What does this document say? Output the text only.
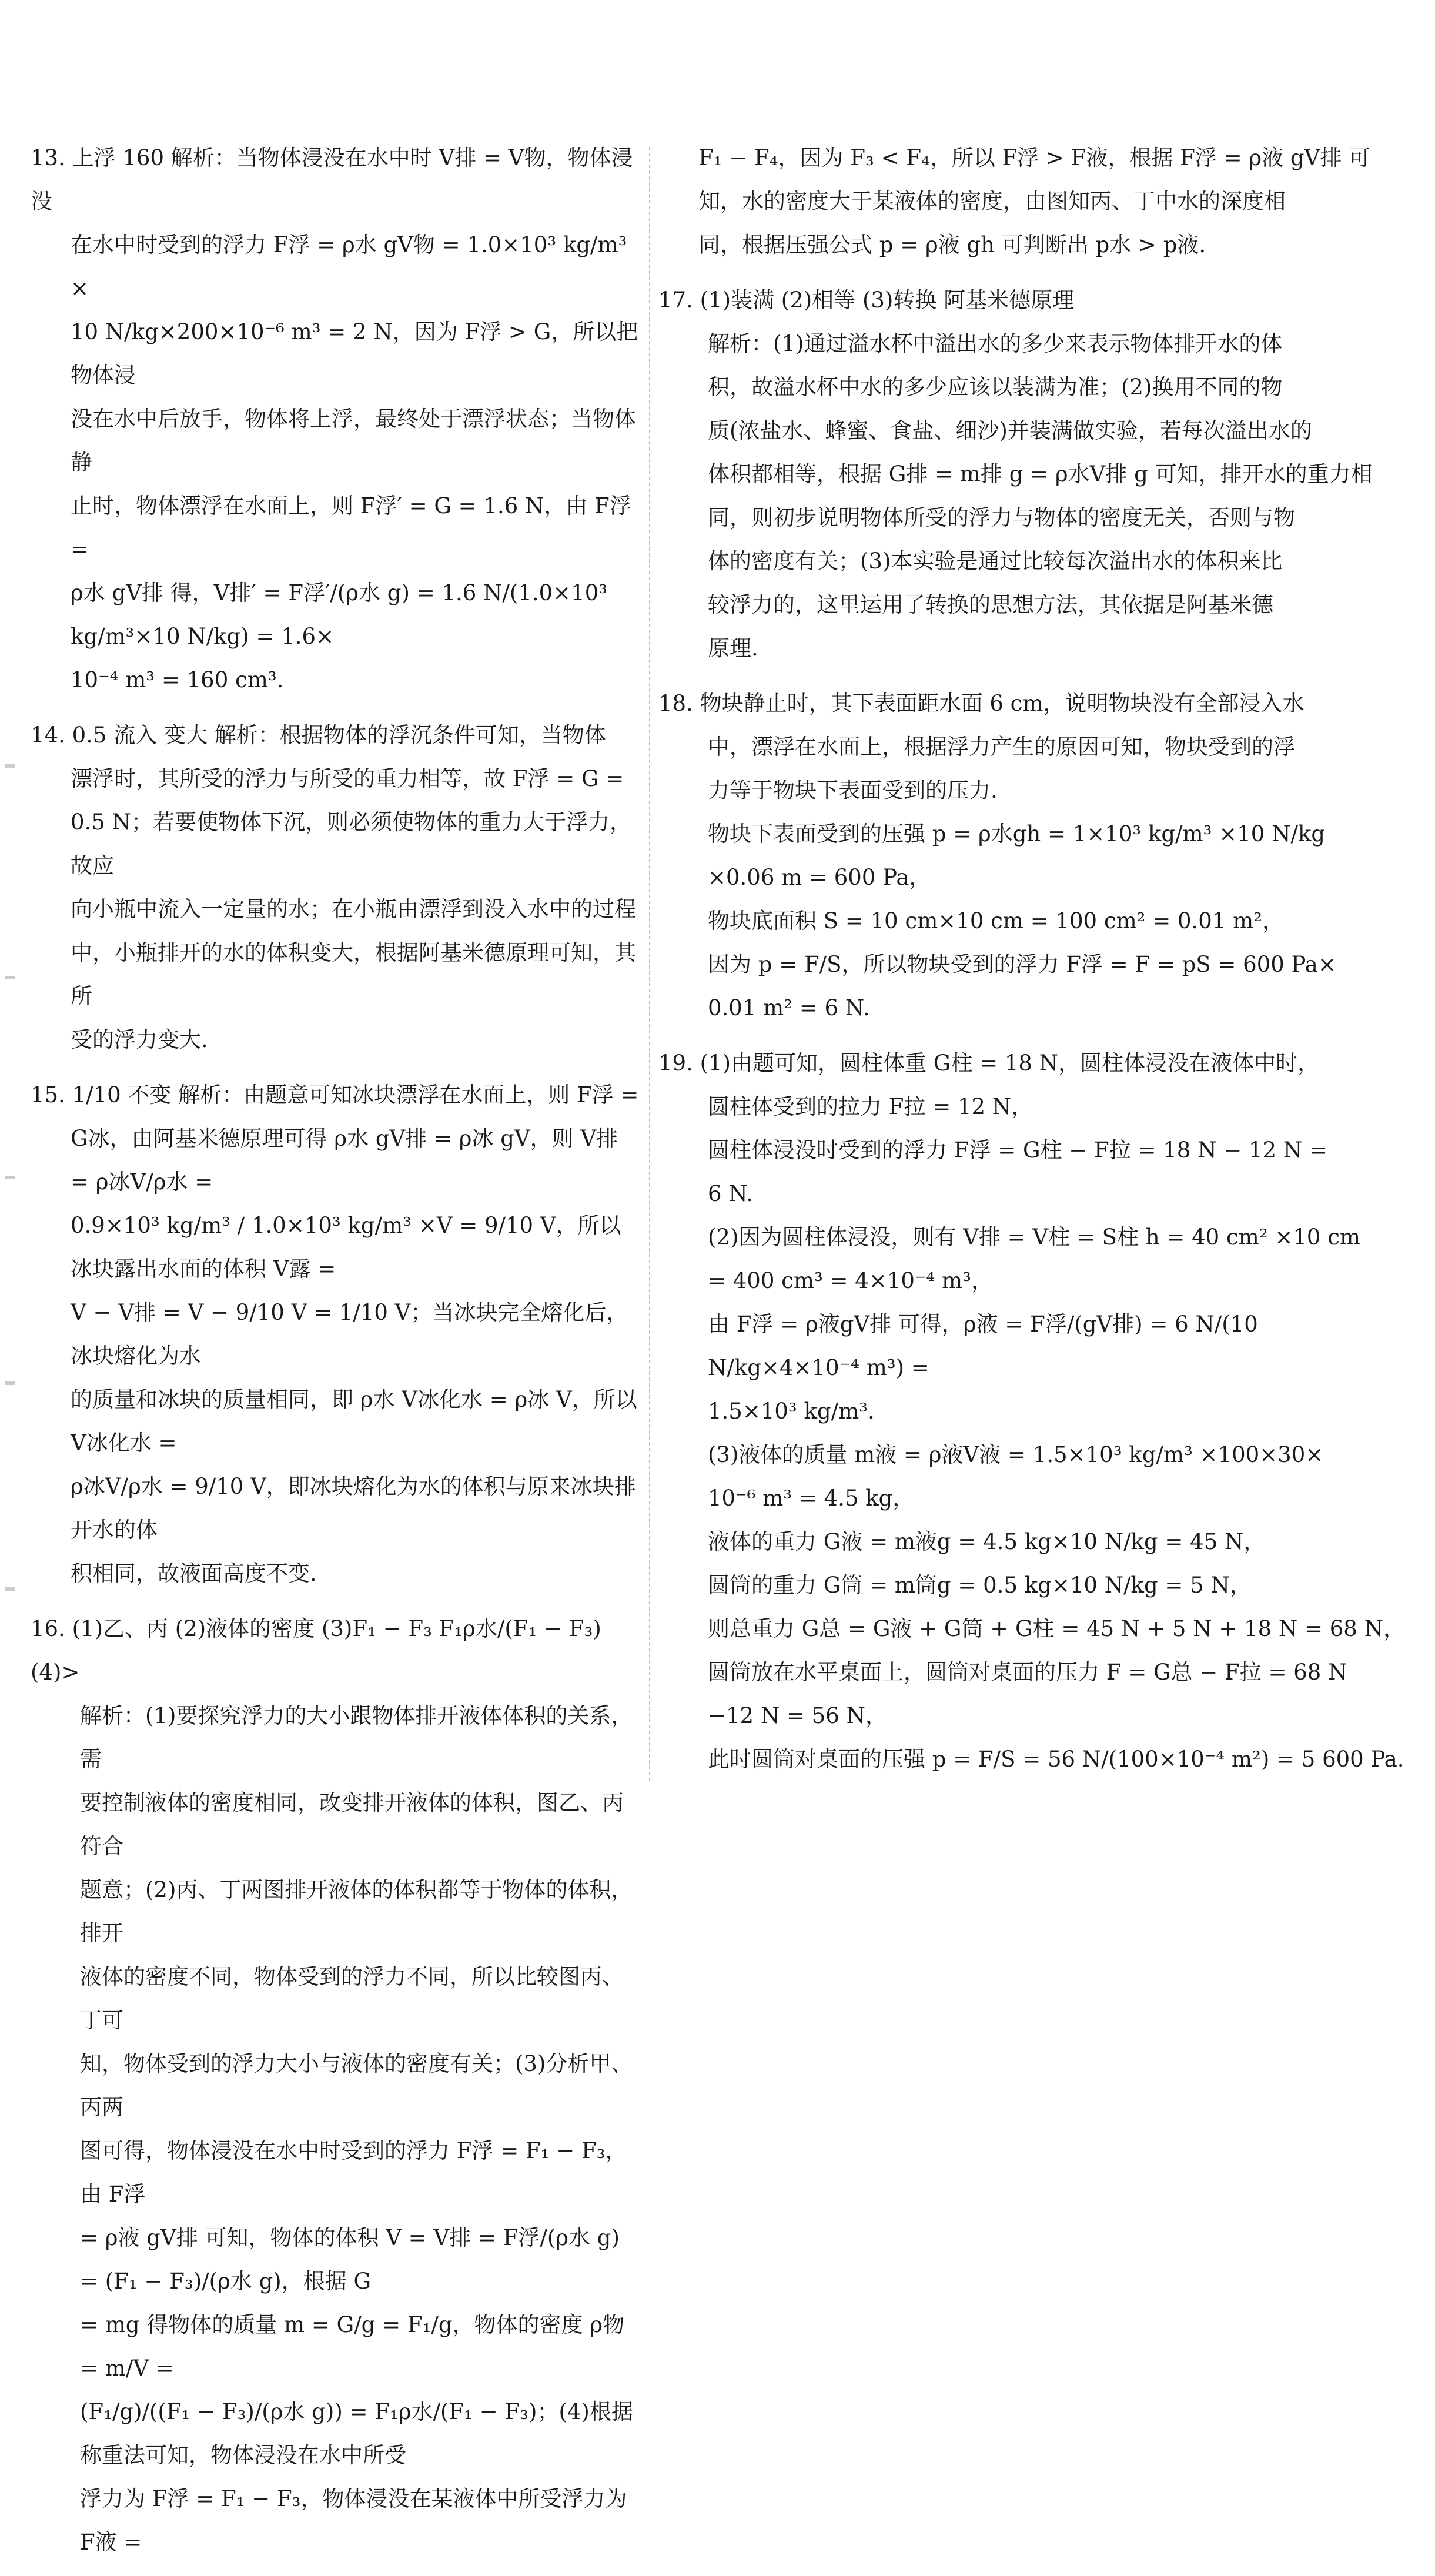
13. 上浮 160 解析：当物体浸没在水中时 V排 = V物，物体浸没

在水中时受到的浮力 F浮 = ρ水 gV物 = 1.0×10³ kg/m³ ×

10 N/kg×200×10⁻⁶ m³ = 2 N，因为 F浮 > G，所以把物体浸

没在水中后放手，物体将上浮，最终处于漂浮状态；当物体静

止时，物体漂浮在水面上，则 F浮′ = G = 1.6 N，由 F浮 =

ρ水 gV排 得，V排′ = F浮′/(ρ水 g) = 1.6 N/(1.0×10³ kg/m³×10 N/kg) = 1.6×

10⁻⁴ m³ = 160 cm³.

14. 0.5 流入 变大 解析：根据物体的浮沉条件可知，当物体

漂浮时，其所受的浮力与所受的重力相等，故 F浮 = G =

0.5 N；若要使物体下沉，则必须使物体的重力大于浮力，故应

向小瓶中流入一定量的水；在小瓶由漂浮到没入水中的过程

中，小瓶排开的水的体积变大，根据阿基米德原理可知，其所

受的浮力变大.

15. 1/10 不变 解析：由题意可知冰块漂浮在水面上，则 F浮 =

G冰，由阿基米德原理可得 ρ水 gV排 = ρ冰 gV，则 V排 = ρ冰V/ρ水 =

0.9×10³ kg/m³ / 1.0×10³ kg/m³ ×V = 9/10 V，所以冰块露出水面的体积 V露 =

V − V排 = V − 9/10 V = 1/10 V；当冰块完全熔化后，冰块熔化为水

的质量和冰块的质量相同，即 ρ水 V冰化水 = ρ冰 V，所以 V冰化水 =

ρ冰V/ρ水 = 9/10 V，即冰块熔化为水的体积与原来冰块排开水的体

积相同，故液面高度不变.

16. (1)乙、丙 (2)液体的密度 (3)F₁ − F₃ F₁ρ水/(F₁ − F₃) (4)>

解析：(1)要探究浮力的大小跟物体排开液体体积的关系，需

要控制液体的密度相同，改变排开液体的体积，图乙、丙符合

题意；(2)丙、丁两图排开液体的体积都等于物体的体积，排开

液体的密度不同，物体受到的浮力不同，所以比较图丙、丁可

知，物体受到的浮力大小与液体的密度有关；(3)分析甲、丙两

图可得，物体浸没在水中时受到的浮力 F浮 = F₁ − F₃，由 F浮

= ρ液 gV排 可知，物体的体积 V = V排 = F浮/(ρ水 g) = (F₁ − F₃)/(ρ水 g)，根据 G

= mg 得物体的质量 m = G/g = F₁/g，物体的密度 ρ物 = m/V =

(F₁/g)/((F₁ − F₃)/(ρ水 g)) = F₁ρ水/(F₁ − F₃)；(4)根据称重法可知，物体浸没在水中所受

浮力为 F浮 = F₁ − F₃，物体浸没在某液体中所受浮力为 F液 =

F₁ − F₄，因为 F₃ < F₄，所以 F浮 > F液，根据 F浮 = ρ液 gV排 可

知，水的密度大于某液体的密度，由图知丙、丁中水的深度相

同，根据压强公式 p = ρ液 gh 可判断出 p水 > p液.

17. (1)装满 (2)相等 (3)转换 阿基米德原理

解析：(1)通过溢水杯中溢出水的多少来表示物体排开水的体

积，故溢水杯中水的多少应该以装满为准；(2)换用不同的物

质(浓盐水、蜂蜜、食盐、细沙)并装满做实验，若每次溢出水的

体积都相等，根据 G排 = m排 g = ρ水V排 g 可知，排开水的重力相

同，则初步说明物体所受的浮力与物体的密度无关，否则与物

体的密度有关；(3)本实验是通过比较每次溢出水的体积来比

较浮力的，这里运用了转换的思想方法，其依据是阿基米德

原理.

18. 物块静止时，其下表面距水面 6 cm，说明物块没有全部浸入水

中，漂浮在水面上，根据浮力产生的原因可知，物块受到的浮

力等于物块下表面受到的压力.

物块下表面受到的压强 p = ρ水gh = 1×10³ kg/m³ ×10 N/kg

×0.06 m = 600 Pa，

物块底面积 S = 10 cm×10 cm = 100 cm² = 0.01 m²，

因为 p = F/S，所以物块受到的浮力 F浮 = F = pS = 600 Pa×

0.01 m² = 6 N.

19. (1)由题可知，圆柱体重 G柱 = 18 N，圆柱体浸没在液体中时，

圆柱体受到的拉力 F拉 = 12 N，

圆柱体浸没时受到的浮力 F浮 = G柱 − F拉 = 18 N − 12 N =

6 N.

(2)因为圆柱体浸没，则有 V排 = V柱 = S柱 h = 40 cm² ×10 cm

= 400 cm³ = 4×10⁻⁴ m³，

由 F浮 = ρ液gV排 可得，ρ液 = F浮/(gV排) = 6 N/(10 N/kg×4×10⁻⁴ m³) =

1.5×10³ kg/m³.

(3)液体的质量 m液 = ρ液V液 = 1.5×10³ kg/m³ ×100×30×

10⁻⁶ m³ = 4.5 kg，

液体的重力 G液 = m液g = 4.5 kg×10 N/kg = 45 N，

圆筒的重力 G筒 = m筒g = 0.5 kg×10 N/kg = 5 N，

则总重力 G总 = G液 + G筒 + G柱 = 45 N + 5 N + 18 N = 68 N，

圆筒放在水平桌面上，圆筒对桌面的压力 F = G总 − F拉 = 68 N

−12 N = 56 N，

此时圆筒对桌面的压强 p = F/S = 56 N/(100×10⁻⁴ m²) = 5 600 Pa.
